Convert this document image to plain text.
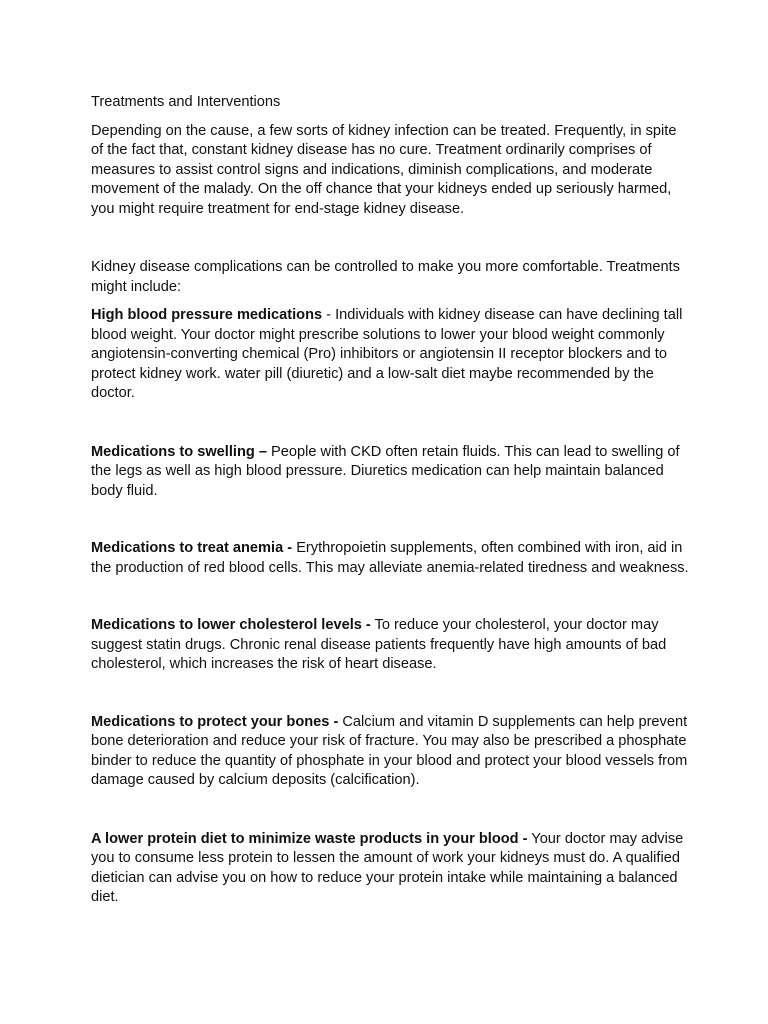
Treatments and Interventions

Depending on the cause, a few sorts of kidney infection can be treated. Frequently, in spite of the fact that, constant kidney disease has no cure. Treatment ordinarily comprises of measures to assist control signs and indications, diminish complications, and moderate movement of the malady. On the off chance that your kidneys ended up seriously harmed, you might require treatment for end-stage kidney disease.

Kidney disease complications can be controlled to make you more comfortable. Treatments might include:

High blood pressure medications - Individuals with kidney disease can have declining tall blood weight. Your doctor might prescribe solutions to lower your blood weight commonly angiotensin-converting chemical (Pro) inhibitors or angiotensin II receptor blockers and to protect kidney work. water pill (diuretic) and a low-salt diet maybe recommended by the doctor.

Medications to swelling – People with CKD often retain fluids. This can lead to swelling of the legs as well as high blood pressure. Diuretics medication can help maintain balanced body fluid.

Medications to treat anemia - Erythropoietin supplements, often combined with iron, aid in the production of red blood cells. This may alleviate anemia-related tiredness and weakness.

Medications to lower cholesterol levels - To reduce your cholesterol, your doctor may suggest statin drugs. Chronic renal disease patients frequently have high amounts of bad cholesterol, which increases the risk of heart disease.

Medications to protect your bones - Calcium and vitamin D supplements can help prevent bone deterioration and reduce your risk of fracture. You may also be prescribed a phosphate binder to reduce the quantity of phosphate in your blood and protect your blood vessels from damage caused by calcium deposits (calcification).

A lower protein diet to minimize waste products in your blood - Your doctor may advise you to consume less protein to lessen the amount of work your kidneys must do. A qualified dietician can advise you on how to reduce your protein intake while maintaining a balanced diet.
